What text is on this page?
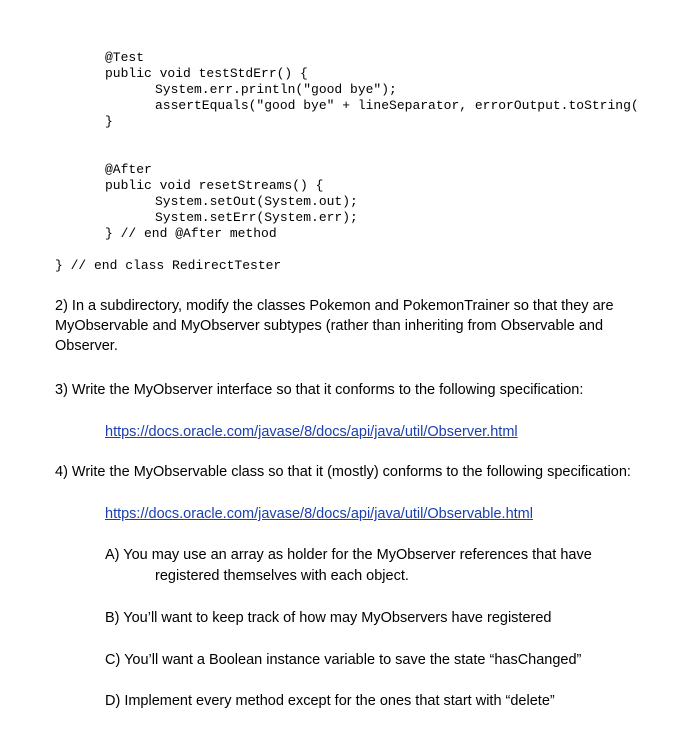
@Test
public void testStdErr() {
System.err.println("good bye");
assertEquals("good bye" + lineSeparator, errorOutput.toString(
}
@After
public void resetStreams() {
System.setOut(System.out);
System.setErr(System.err);
} // end @After method
} // end class RedirectTester

2) In a subdirectory, modify the classes Pokemon and PokemonTrainer so that they are MyObservable and MyObserver subtypes (rather than inheriting from Observable and Observer.

3) Write the MyObserver interface so that it conforms to the following specification:

https://docs.oracle.com/javase/8/docs/api/java/util/Observer.html

4) Write the MyObservable class so that it (mostly) conforms to the following specification:

https://docs.oracle.com/javase/8/docs/api/java/util/Observable.html

A) You may use an array as holder for the MyObserver references that have
registered themselves with each object.

B) You’ll want to keep track of how may MyObservers have registered

C) You’ll want a Boolean instance variable to save the state “hasChanged”

D) Implement every method except for the ones that start with “delete”
